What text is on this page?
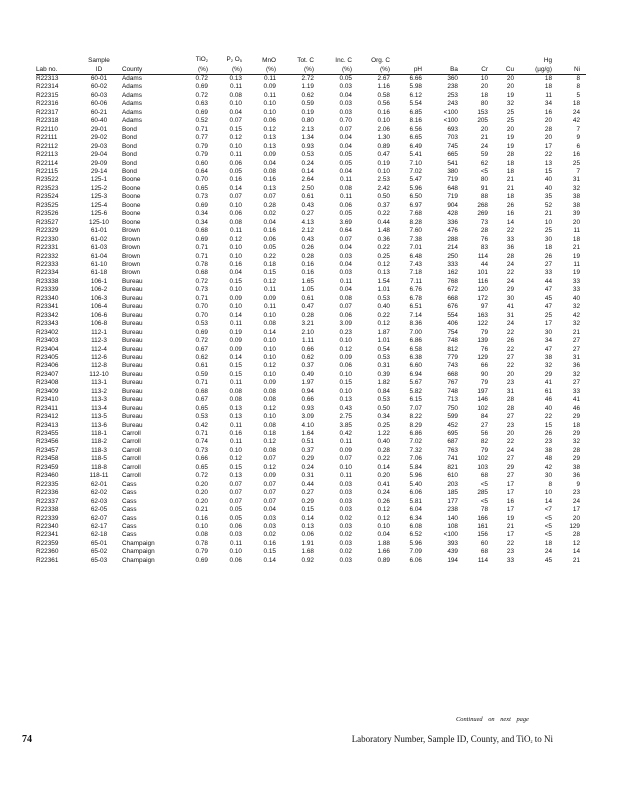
	Sample		TiO$_2$	$P_2$ $O_5$	MnO	Tot. C	Inc. C	Org. C					Hg	
Lab no.	ID	County	(%)	(%)	(%)	(%)	(%)	(%)	pH	Ba	Cr	Cu	(µg/g)	Ni
R22313	60-01	Adams	0.72	0.13	0.11	2.72	0.05	2.67	6.66	360	10	20	18	8
R22314	60-02	Adams	0.69	0.11	0.09	1.19	0.03	1.16	5.98	238	20	20	18	8
R22315	60-03	Adams	0.72	0.08	0.11	0.62	0.04	0.58	6.12	253	18	19	11	5
R22316	60-06	Adams	0.63	0.10	0.10	0.59	0.03	0.56	5.54	243	80	32	34	18
R22317	60-21	Adams	0.69	0.04	0.10	0.19	0.03	0.16	6.85	<100	153	25	16	24
R22318	60-40	Adams	0.52	0.07	0.06	0.80	0.70	0.10	8.16	<100	205	25	20	42
R22110	29-01	Bond	0.71	0.15	0.12	2.13	0.07	2.06	6.56	693	20	20	28	7
R22111	29-02	Bond	0.77	0.12	0.13	1.34	0.04	1.30	6.65	703	21	19	20	9
R22112	29-03	Bond	0.79	0.10	0.13	0.93	0.04	0.89	6.49	745	24	19	17	6
R22113	29-04	Bond	0.79	0.11	0.09	0.53	0.05	0.47	5.41	665	59	28	22	16
R22114	29-09	Bond	0.60	0.06	0.04	0.24	0.05	0.19	7.10	541	62	18	13	25
R22115	29-14	Bond	0.64	0.05	0.08	0.14	0.04	0.10	7.02	380	<5	18	15	7
R23522	125-1	Boone	0.70	0.16	0.16	2.64	0.11	2.53	5.47	719	80	21	40	31
R23523	125-2	Boone	0.65	0.14	0.13	2.50	0.08	2.42	5.96	648	91	21	40	32
R23524	125-3	Boone	0.73	0.07	0.07	0.61	0.11	0.50	6.50	719	88	18	35	38
R23525	125-4	Boone	0.69	0.10	0.28	0.43	0.06	0.37	6.97	904	268	26	52	38
R23526	125-6	Boone	0.34	0.06	0.02	0.27	0.05	0.22	7.68	428	269	16	21	39
R23527	125-10	Boone	0.34	0.08	0.04	4.13	3.69	0.44	8.28	336	73	14	10	20
R22329	61-01	Brown	0.68	0.11	0.16	2.12	0.64	1.48	7.60	476	28	22	25	11
R22330	61-02	Brown	0.69	0.12	0.06	0.43	0.07	0.36	7.38	288	76	33	30	18
R22331	61-03	Brown	0.71	0.10	0.05	0.26	0.04	0.22	7.01	214	83	36	18	21
R22332	61-04	Brown	0.71	0.10	0.22	0.28	0.03	0.25	6.48	250	114	28	26	19
R22333	61-10	Brown	0.78	0.16	0.18	0.16	0.04	0.12	7.43	333	44	24	27	11
R22334	61-18	Brown	0.68	0.04	0.15	0.16	0.03	0.13	7.18	162	101	22	33	19
R23338	106-1	Bureau	0.72	0.15	0.12	1.65	0.11	1.54	7.11	768	116	24	44	33
R23339	106-2	Bureau	0.73	0.10	0.11	1.05	0.04	1.01	6.76	672	120	29	47	33
R23340	106-3	Bureau	0.71	0.09	0.09	0.61	0.08	0.53	6.78	668	172	30	45	40
R23341	106-4	Bureau	0.70	0.10	0.11	0.47	0.07	0.40	6.51	676	97	41	47	32
R23342	106-6	Bureau	0.70	0.14	0.10	0.28	0.06	0.22	7.14	554	163	31	25	42
R23343	106-8	Bureau	0.53	0.11	0.08	3.21	3.09	0.12	8.36	406	122	24	17	32
R23402	112-1	Bureau	0.69	0.19	0.14	2.10	0.23	1.87	7.00	754	79	22	30	21
R23403	112-3	Bureau	0.72	0.09	0.10	1.11	0.10	1.01	6.86	748	139	26	34	27
R23404	112-4	Bureau	0.67	0.09	0.10	0.66	0.12	0.54	6.58	812	76	22	47	27
R23405	112-6	Bureau	0.62	0.14	0.10	0.62	0.09	0.53	6.38	779	129	27	38	31
R23406	112-8	Bureau	0.61	0.15	0.12	0.37	0.06	0.31	6.60	743	66	22	32	36
R23407	112-10	Bureau	0.59	0.15	0.10	0.49	0.10	0.39	6.94	668	90	20	29	32
R23408	113-1	Bureau	0.71	0.11	0.09	1.97	0.15	1.82	5.67	767	79	23	41	27
R23409	113-2	Bureau	0.68	0.08	0.08	0.94	0.10	0.84	5.82	748	197	31	61	33
R23410	113-3	Bureau	0.67	0.08	0.08	0.66	0.13	0.53	6.15	713	146	28	46	41
R23411	113-4	Bureau	0.65	0.13	0.12	0.93	0.43	0.50	7.07	750	102	28	40	46
R23412	113-5	Bureau	0.53	0.13	0.10	3.09	2.75	0.34	8.22	599	84	27	22	29
R23413	113-6	Bureau	0.42	0.11	0.08	4.10	3.85	0.25	8.29	452	27	23	15	18
R23455	118-1	Carroll	0.71	0.16	0.18	1.64	0.42	1.22	6.86	695	56	20	26	29
R23456	118-2	Carroll	0.74	0.11	0.12	0.51	0.11	0.40	7.02	687	82	22	23	32
R23457	118-3	Carroll	0.73	0.10	0.08	0.37	0.09	0.28	7.32	763	79	24	38	28
R23458	118-5	Carroll	0.66	0.12	0.07	0.29	0.07	0.22	7.06	741	102	27	48	29
R23459	118-8	Carroll	0.65	0.15	0.12	0.24	0.10	0.14	5.84	821	103	29	42	38
R23460	118-11	Carroll	0.72	0.13	0.09	0.31	0.11	0.20	5.96	610	68	27	30	36
R22335	62-01	Cass	0.20	0.07	0.07	0.44	0.03	0.41	5.40	203	<5	17	8	9
R22336	62-02	Cass	0.20	0.07	0.07	0.27	0.03	0.24	6.06	185	285	17	10	23
R22337	62-03	Cass	0.20	0.07	0.07	0.29	0.03	0.26	5.81	177	<5	16	14	24
R22338	62-05	Cass	0.21	0.05	0.04	0.15	0.03	0.12	6.04	238	78	17	<7	17
R22339	62-07	Cass	0.16	0.05	0.03	0.14	0.02	0.12	6.34	140	166	19	<5	20
R22340	62-17	Cass	0.10	0.06	0.03	0.13	0.03	0.10	6.08	108	161	21	<5	129
R22341	62-18	Cass	0.08	0.03	0.02	0.06	0.02	0.04	6.52	<100	156	17	<5	28
R22359	65-01	Champaign	0.78	0.11	0.16	1.91	0.03	1.88	5.96	393	60	22	18	12
R22360	65-02	Champaign	0.79	0.10	0.15	1.68	0.02	1.66	7.09	439	68	23	24	14
R22361	65-03	Champaign	0.69	0.06	0.14	0.92	0.03	0.89	6.06	194	114	33	45	21
Continued on next page
74	Laboratory Number, Sample ID, County, and TiO$_2$ to Ni
